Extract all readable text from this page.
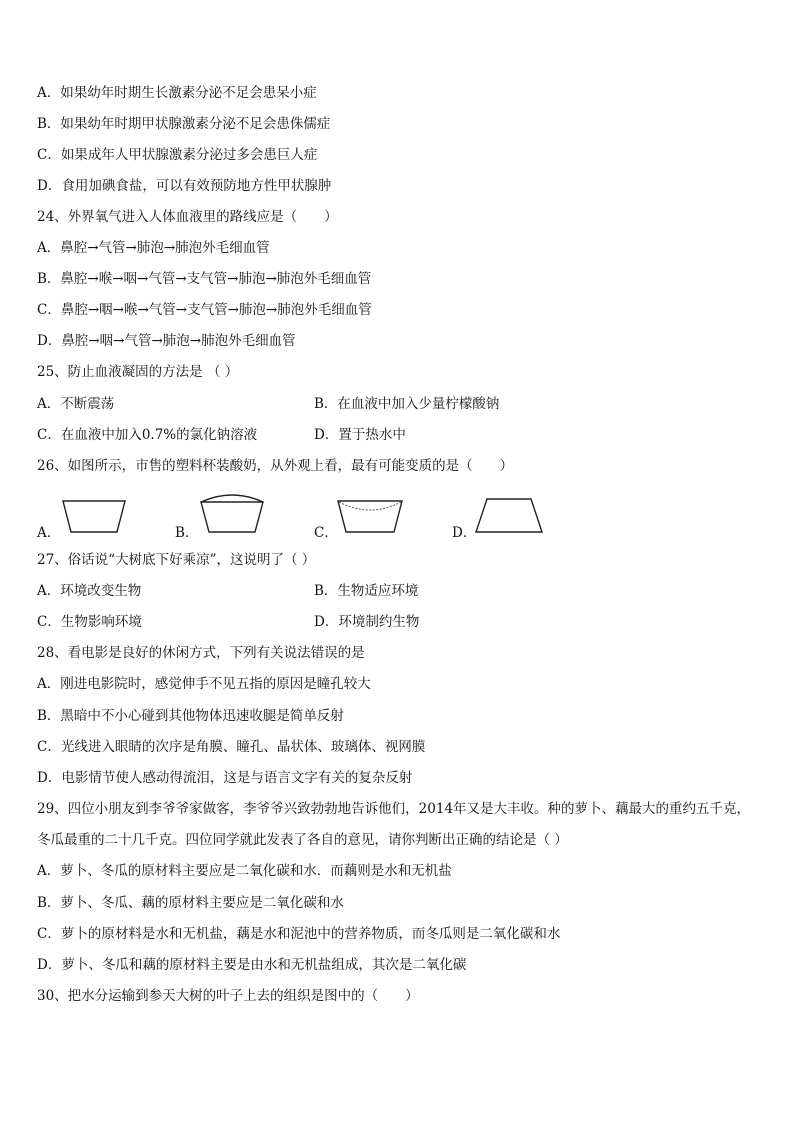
A．如果幼年时期生长激素分泌不足会患呆小症
B．如果幼年时期甲状腺激素分泌不足会患侏儒症
C．如果成年人甲状腺激素分泌过多会患巨人症
D．食用加碘食盐，可以有效预防地方性甲状腺肿
24、外界氧气进入人体血液里的路线应是（　　）
A．鼻腔→气管→肺泡→肺泡外毛细血管
B．鼻腔→喉→咽→气管→支气管→肺泡→肺泡外毛细血管
C．鼻腔→咽→喉→气管→支气管→肺泡→肺泡外毛细血管
D．鼻腔→咽→气管→肺泡→肺泡外毛细血管
25、防止血液凝固的方法是 （ ）
A．不断震荡	B．在血液中加入少量柠檬酸钠
C．在血液中加入0.7%的氯化钠溶液	D．置于热水中
26、如图所示，市售的塑料杯装酸奶，从外观上看，最有可能变质的是（　　）
A．	B．	C．	D．
27、俗话说“大树底下好乘凉”，这说明了（ ）
A．环境改变生物	B．生物适应环境
C．生物影响环境	D．环境制约生物
28、看电影是良好的休闲方式，下列有关说法错误的是
A．刚进电影院时，感觉伸手不见五指的原因是瞳孔较大
B．黑暗中不小心碰到其他物体迅速收腿是简单反射
C．光线进入眼睛的次序是角膜、瞳孔、晶状体、玻璃体、视网膜
D．电影情节使人感动得流泪，这是与语言文字有关的复杂反射
29、四位小朋友到李爷爷家做客，李爷爷兴致勃勃地告诉他们，2014年又是大丰收。种的萝卜、藕最大的重约五千克，
冬瓜最重的二十几千克。四位同学就此发表了各自的意见，请你判断出正确的结论是（ ）
A．萝卜、冬瓜的原材料主要应是二氧化碳和水．而藕则是水和无机盐
B．萝卜、冬瓜、藕的原材料主要应是二氧化碳和水
C．萝卜的原材料是水和无机盐，藕是水和泥池中的营养物质，而冬瓜则是二氧化碳和水
D．萝卜、冬瓜和藕的原材料主要是由水和无机盐组成，其次是二氧化碳
30、把水分运输到参天大树的叶子上去的组织是图中的（　　）
